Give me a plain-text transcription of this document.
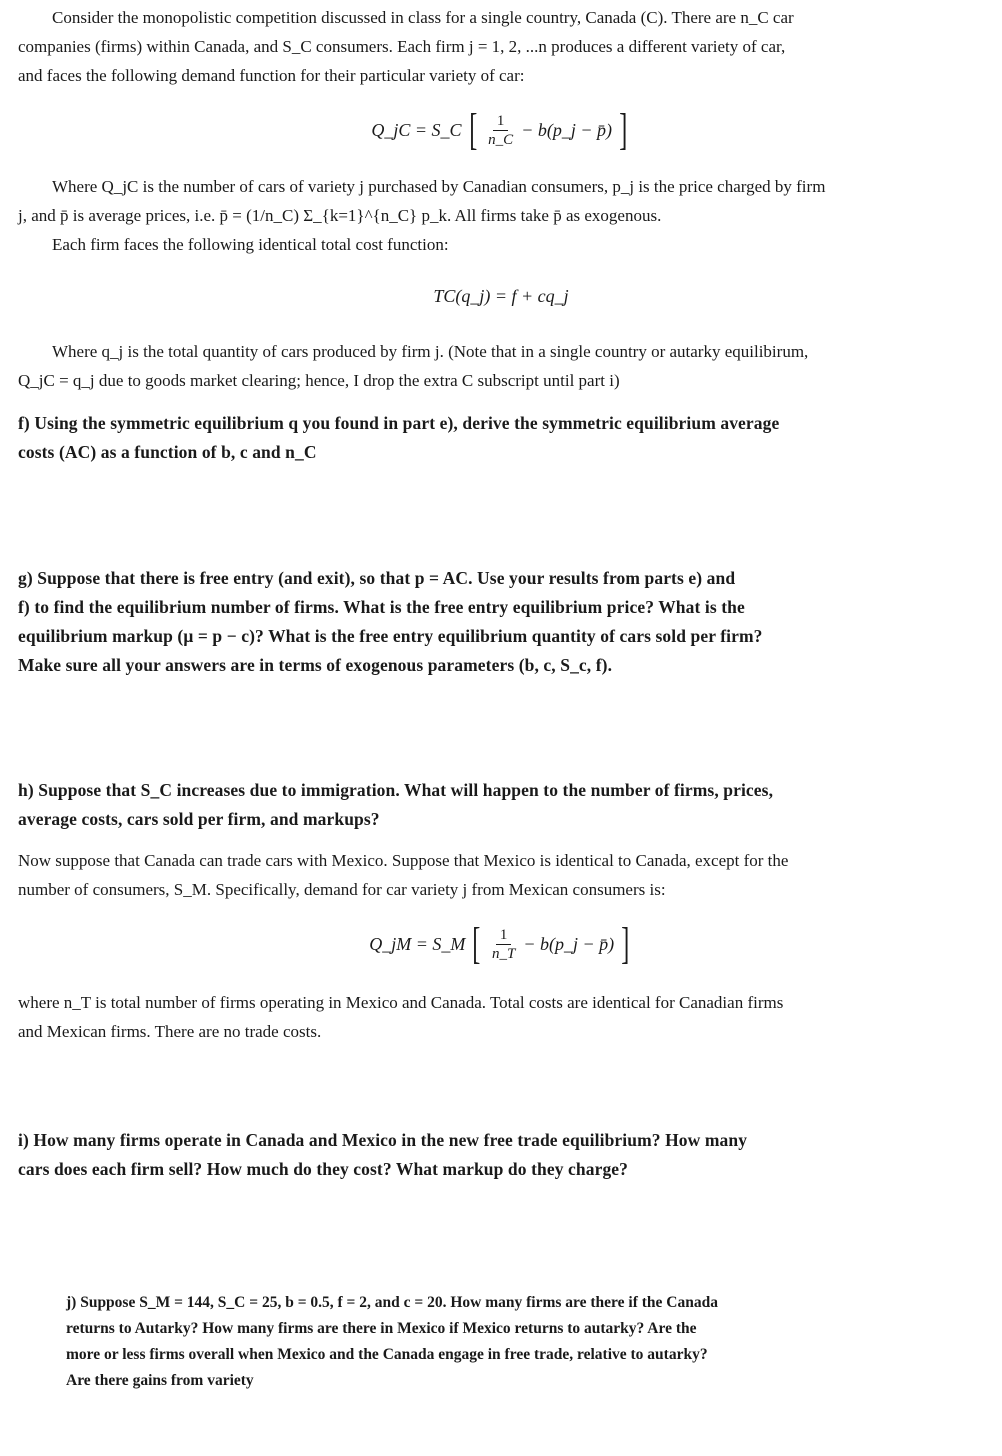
Consider the monopolistic competition discussed in class for a single country, Canada (C). There are n_C car
companies (firms) within Canada, and S_C consumers. Each firm j = 1, 2, ...n produces a different variety of car,
and faces the following demand function for their particular variety of car:
Q_jC = S_C [ $\frac{1}{n\_C}$ − b(p_j − p̄) ]
Where Q_jC is the number of cars of variety j purchased by Canadian consumers, p_j is the price charged by firm
j, and p̄ is average prices, i.e. p̄ = (1/n_C) Σ_{k=1}^{n_C} p_k. All firms take p̄ as exogenous.
Each firm faces the following identical total cost function:
TC(q_j) = f + cq_j
Where q_j is the total quantity of cars produced by firm j. (Note that in a single country or autarky equilibirum,
Q_jC = q_j due to goods market clearing; hence, I drop the extra C subscript until part i)
f) Using the symmetric equilibrium q you found in part e), derive the symmetric equilibrium average
costs (AC) as a function of b, c and n_C
g) Suppose that there is free entry (and exit), so that p = AC. Use your results from parts e) and
f) to find the equilibrium number of firms. What is the free entry equilibrium price? What is the
equilibrium markup (μ = p − c)? What is the free entry equilibrium quantity of cars sold per firm?
Make sure all your answers are in terms of exogenous parameters (b, c, S_c, f).
h) Suppose that S_C increases due to immigration. What will happen to the number of firms, prices,
average costs, cars sold per firm, and markups?
Now suppose that Canada can trade cars with Mexico. Suppose that Mexico is identical to Canada, except for the
number of consumers, S_M. Specifically, demand for car variety j from Mexican consumers is:
Q_jM = S_M [ $\frac{1}{n\_T}$ − b(p_j − p̄) ]
where n_T is total number of firms operating in Mexico and Canada. Total costs are identical for Canadian firms
and Mexican firms. There are no trade costs.
i) How many firms operate in Canada and Mexico in the new free trade equilibrium? How many
cars does each firm sell? How much do they cost? What markup do they charge?
j) Suppose S_M = 144, S_C = 25, b = 0.5, f = 2, and c = 20. How many firms are there if the Canada
returns to Autarky? How many firms are there in Mexico if Mexico returns to autarky? Are the
more or less firms overall when Mexico and the Canada engage in free trade, relative to autarky?
Are there gains from variety
